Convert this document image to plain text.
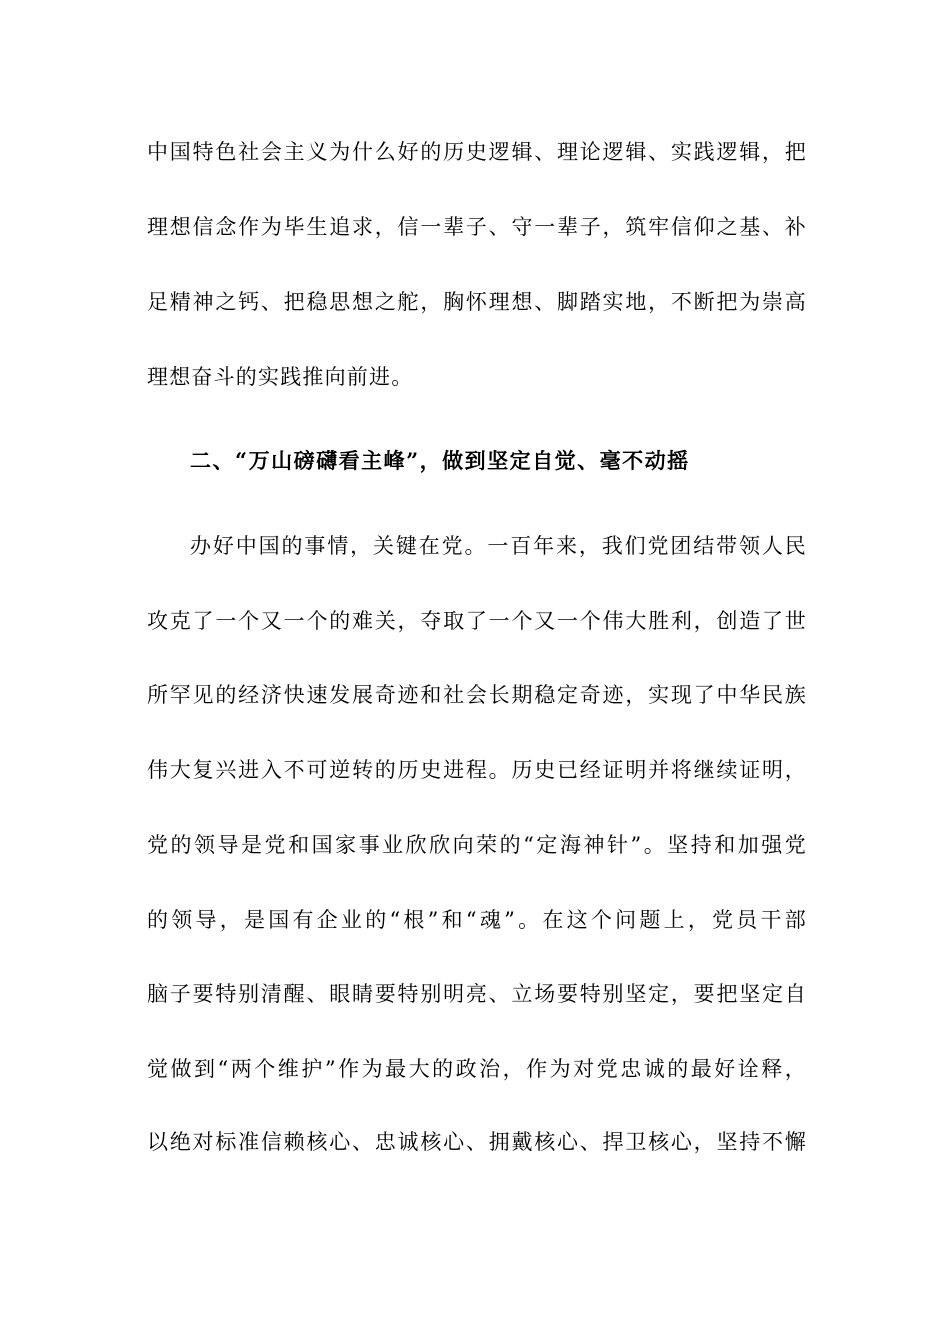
中国特色社会主义为什么好的历史逻辑、理论逻辑、实践逻辑，把
理想信念作为毕生追求，信一辈子、守一辈子，筑牢信仰之基、补
足精神之钙、把稳思想之舵，胸怀理想、脚踏实地，不断把为崇高
理想奋斗的实践推向前进。
二、“万山磅礴看主峰”，做到坚定自觉、毫不动摇
办好中国的事情，关键在党。一百年来，我们党团结带领人民
攻克了一个又一个的难关，夺取了一个又一个伟大胜利，创造了世
所罕见的经济快速发展奇迹和社会长期稳定奇迹，实现了中华民族
伟大复兴进入不可逆转的历史进程。历史已经证明并将继续证明，
党的领导是党和国家事业欣欣向荣的“定海神针”。坚持和加强党
的领导，是国有企业的“根”和“魂”。在这个问题上，党员干部
脑子要特别清醒、眼睛要特别明亮、立场要特别坚定，要把坚定自
觉做到“两个维护”作为最大的政治，作为对党忠诚的最好诠释，
以绝对标准信赖核心、忠诚核心、拥戴核心、捍卫核心，坚持不懈
